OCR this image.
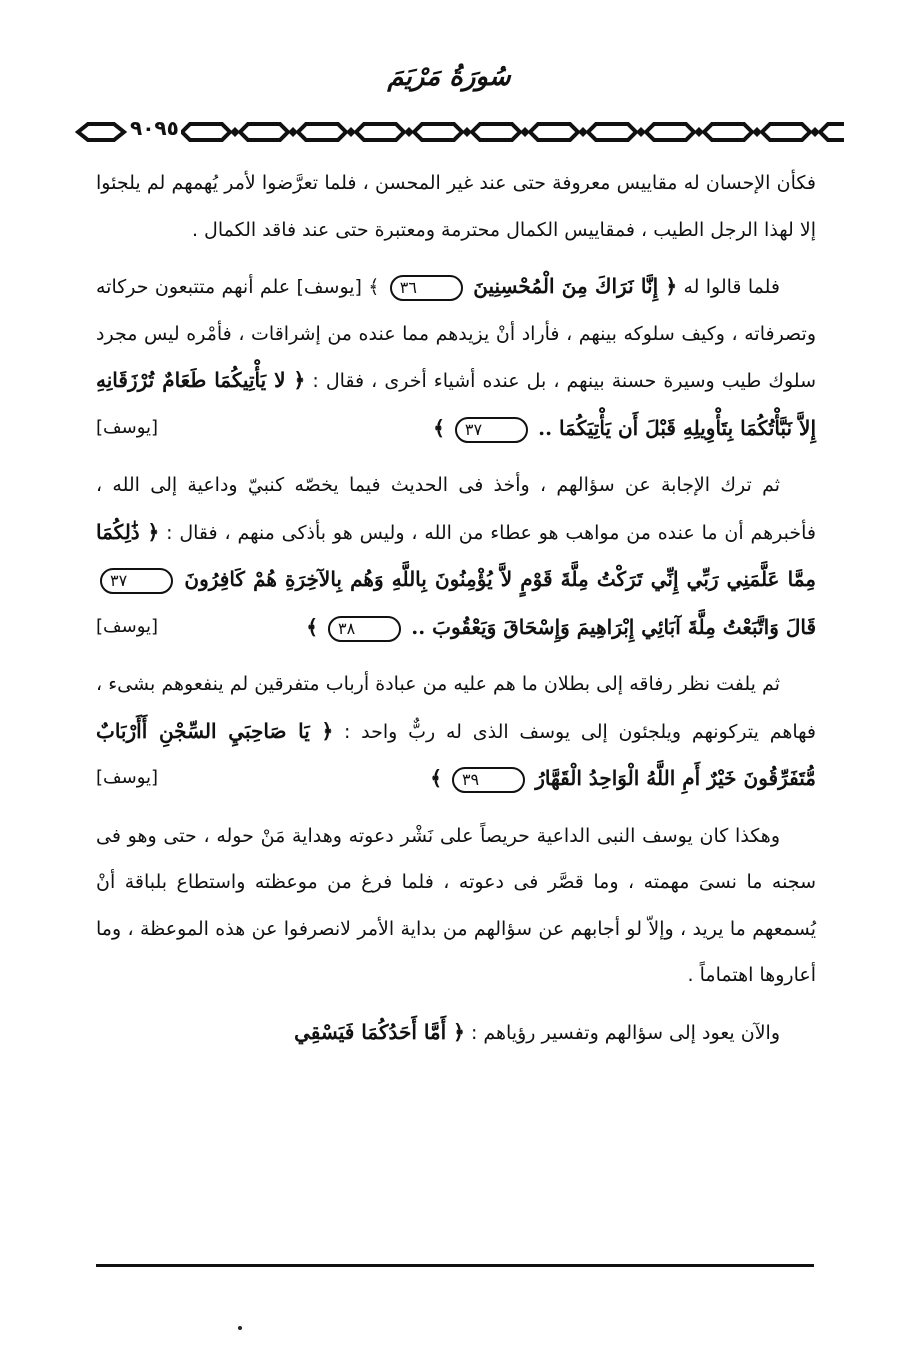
سُورَةُ مَرْيَمَ
٩٠٩٥

فكأن الإحسان له مقاييس معروفة حتى عند غير المحسن ، فلما تعرَّضوا لأمر يُهمهم لم يلجئوا إلا لهذا الرجل الطيب ، فمقاييس الكمال محترمة ومعتبرة حتى عند فاقد الكمال .

فلما قالوا له ﴿ إِنَّا نَرَاكَ مِنَ الْمُحْسِنِينَ ٣٦ ﴾ [يوسف] علم أنهم متتبعون حركاته وتصرفاته ، وكيف سلوكه بينهم ، فأراد أنْ يزيدهم مما عنده من إشراقات ، فأمْره ليس مجرد سلوك طيب وسيرة حسنة بينهم ، بل عنده أشياء أخرى ، فقال : ﴿ لا يَأْتِيكُمَا طَعَامٌ تُرْزَقَانِهِ إِلاَّ نَبَّأْتُكُمَا بِتَأْوِيلِهِ قَبْلَ أَن يَأْتِيَكُمَا .. ٣٧ ﴾
[يوسف]

ثم ترك الإجابة عن سؤالهم ، وأخذ فى الحديث فيما يخصّه كنبيّ وداعية إلى الله ، فأخبرهم أن ما عنده من مواهب هو عطاء من الله ، وليس هو بأذكى منهم ، فقال : ﴿ ذَٰلِكُمَا مِمَّا عَلَّمَنِي رَبِّي إِنِّي تَرَكْتُ مِلَّةَ قَوْمٍ لاَّ يُؤْمِنُونَ بِاللَّهِ وَهُم بِالآخِرَةِ هُمْ كَافِرُونَ ٣٧ قَالَ وَاتَّبَعْتُ مِلَّةَ آبَائِي إِبْرَاهِيمَ وَإِسْحَاقَ وَيَعْقُوبَ .. ٣٨ ﴾
[يوسف]

ثم يلفت نظر رفاقه إلى بطلان ما هم عليه من عبادة أرباب متفرقين لم ينفعوهم بشىء ، فهاهم يتركونهم ويلجئون إلى يوسف الذى له ربٌّ واحد : ﴿ يَا صَاحِبَيِ السِّجْنِ أَأَرْبَابٌ مُّتَفَرِّقُونَ خَيْرٌ أَمِ اللَّهُ الْوَاحِدُ الْقَهَّارُ ٣٩ ﴾
[يوسف]

وهكذا كان يوسف النبى الداعية حريصاً على نَشْر دعوته وهداية مَنْ حوله ، حتى وهو فى سجنه ما نسىَ مهمته ، وما قصَّر فى دعوته ، فلما فرغ من موعظته واستطاع بلباقة أنْ يُسمعهم ما يريد ، وإلاّ لو أجابهم عن سؤالهم من بداية الأمر لانصرفوا عن هذه الموعظة ، وما أعاروها اهتماماً .

والآن يعود إلى سؤالهم وتفسير رؤياهم : ﴿ أَمَّا أَحَدُكُمَا فَيَسْقِي
